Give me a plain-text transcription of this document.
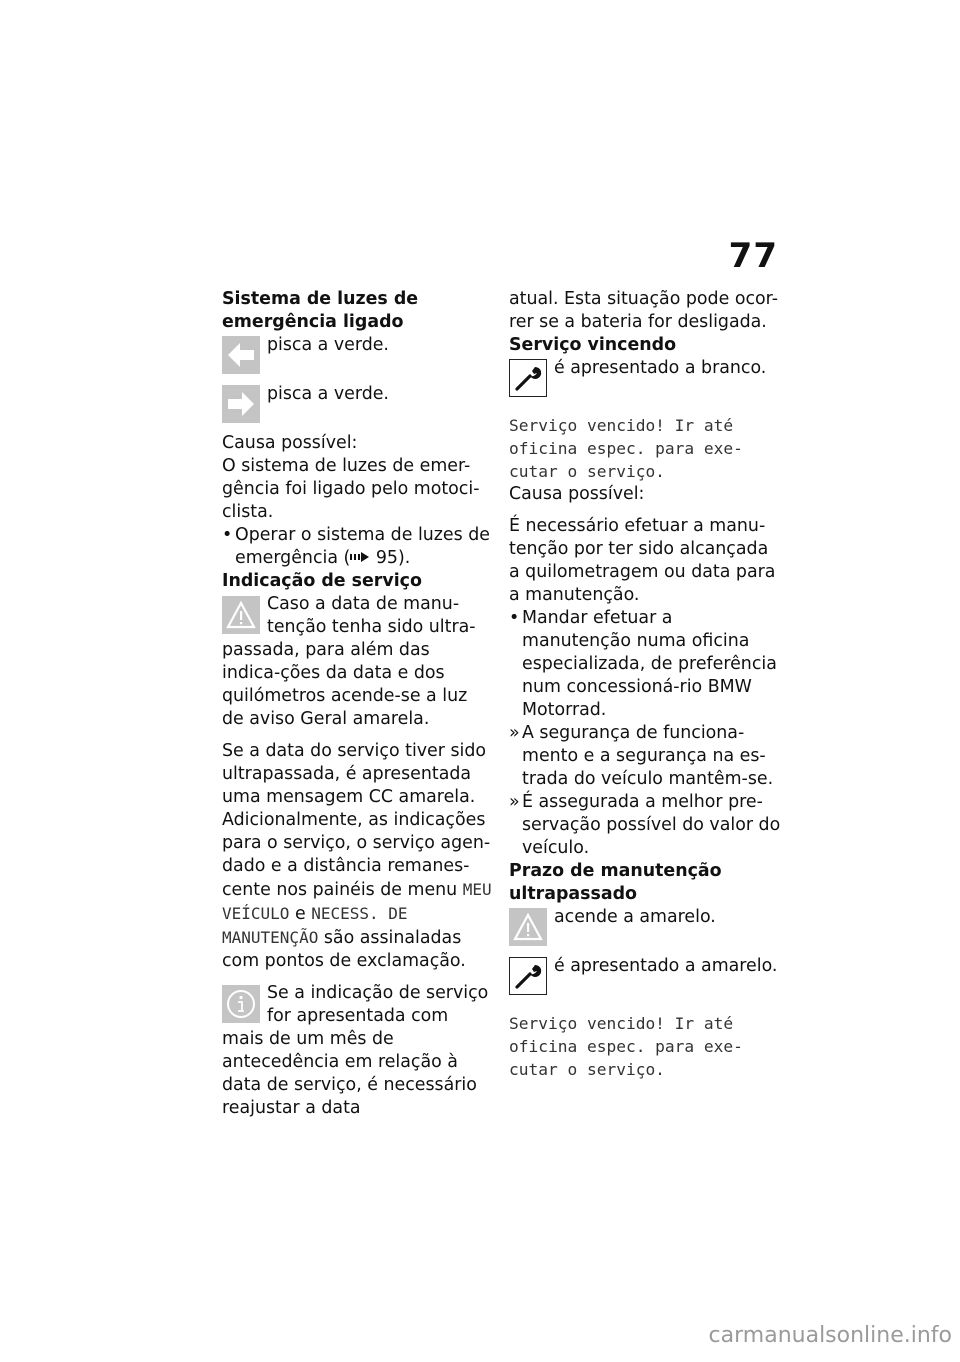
77

Sistema de luzes de emergência ligado

pisca a verde.

pisca a verde.

Causa possível:

O sistema de luzes de emer-gência foi ligado pelo motoci-clista.

• Operar o sistema de luzes de emergência ( 95).

Indicação de serviço

Caso a data de manu-tenção tenha sido ultra-passada, para além das indica-ções da data e dos quilómetros acende-se a luz de aviso Geral amarela.

Se a data do serviço tiver sido ultrapassada, é apresentada uma mensagem CC amarela. Adicionalmente, as indicações para o serviço, o serviço agen-dado e a distância remanes-cente nos painéis de menu MEU VEÍCULO e NECESS. DE MANUTENÇÃO são assinaladas com pontos de exclamação.

Se a indicação de serviço for apresentada com mais de um mês de antecedência em relação à data de serviço, é necessário reajustar a data

atual. Esta situação pode ocor-rer se a bateria for desligada.

Serviço vincendo

é apresentado a branco.

Serviço vencido! Ir até oficina espec. para exe-cutar o serviço.

Causa possível:

É necessário efetuar a manu-tenção por ter sido alcançada a quilometragem ou data para a manutenção.

• Mandar efetuar a manutenção numa oficina especializada, de preferência num concessioná-rio BMW Motorrad.
» A segurança de funciona-mento e a segurança na es-trada do veículo mantêm-se.
» É assegurada a melhor pre-servação possível do valor do veículo.

Prazo de manutenção ultrapassado

acende a amarelo.

é apresentado a amarelo.

Serviço vencido! Ir até oficina espec. para exe-cutar o serviço.

carmanualsonline.info
